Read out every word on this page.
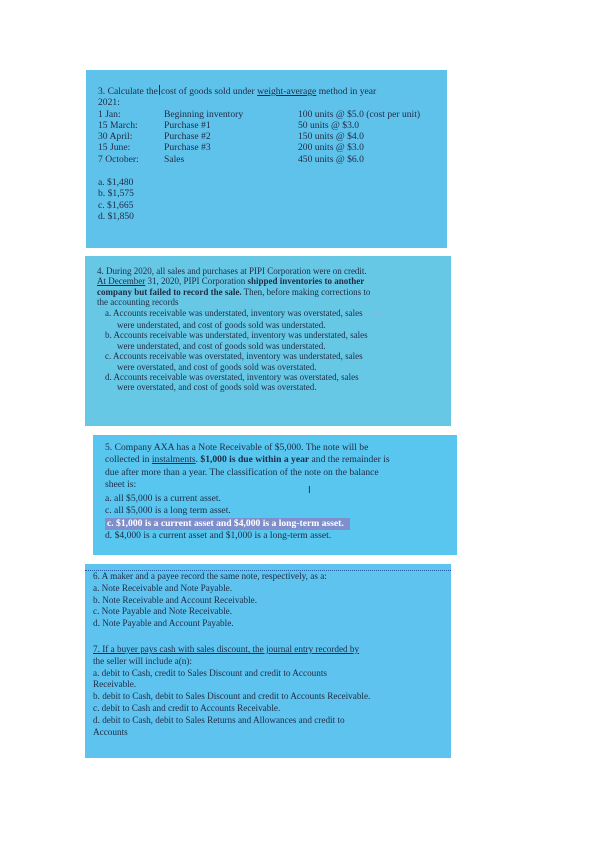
3. Calculate the cost of goods sold under weight-average method in year
2021:
1 Jan:	Beginning inventory	100 units @ $5.0 (cost per unit)
15 March:	Purchase #1	50 units @ $3.0
30 April:	Purchase #2	150 units @ $4.0
15 June:	Purchase #3	200 units @ $3.0
7 October:	Sales	450 units @ $6.0
a. $1,480
b. $1,575
c. $1,665
d. $1,850
4. During 2020, all sales and purchases at PIPI Corporation were on credit.
At December 31, 2020, PIPI Corporation shipped inventories to another
company but failed to record the sale. Then, before making corrections to
the accounting records
a. Accounts receivable was understated, inventory was overstated, sales ▭ ▾
were understated, and cost of goods sold was understated.
b. Accounts receivable was understated, inventory was understated, sales
were understated, and cost of goods sold was understated.
c. Accounts receivable was overstated, inventory was understated, sales
were overstated, and cost of goods sold was overstated.
d. Accounts receivable was overstated, inventory was overstated, sales
were overstated, and cost of goods sold was overstated.
5. Company AXA has a Note Receivable of $5,000. The note will be
collected in instalments. $1,000 is due within a year and the remainder is
due after more than a year. The classification of the note on the balance
sheet is:
I
a. all $5,000 is a current asset.
c. all $5,000 is a long term asset.
c. $1,000 is a current asset and $4,000 is a long-term asset.
d. $4,000 is a current asset and $1,000 is a long-term asset.
6. A maker and a payee record the same note, respectively, as a:
a. Note Receivable and Note Payable.
b. Note Receivable and Account Receivable.
c. Note Payable and Note Receivable.
d. Note Payable and Account Payable.
7. If a buyer pays cash with sales discount, the journal entry recorded by
the seller will include a(n):
a. debit to Cash, credit to Sales Discount and credit to Accounts
Receivable.
b. debit to Cash, debit to Sales Discount and credit to Accounts Receivable.
c. debit to Cash and credit to Accounts Receivable.
d. debit to Cash, debit to Sales Returns and Allowances and credit to
Accounts
